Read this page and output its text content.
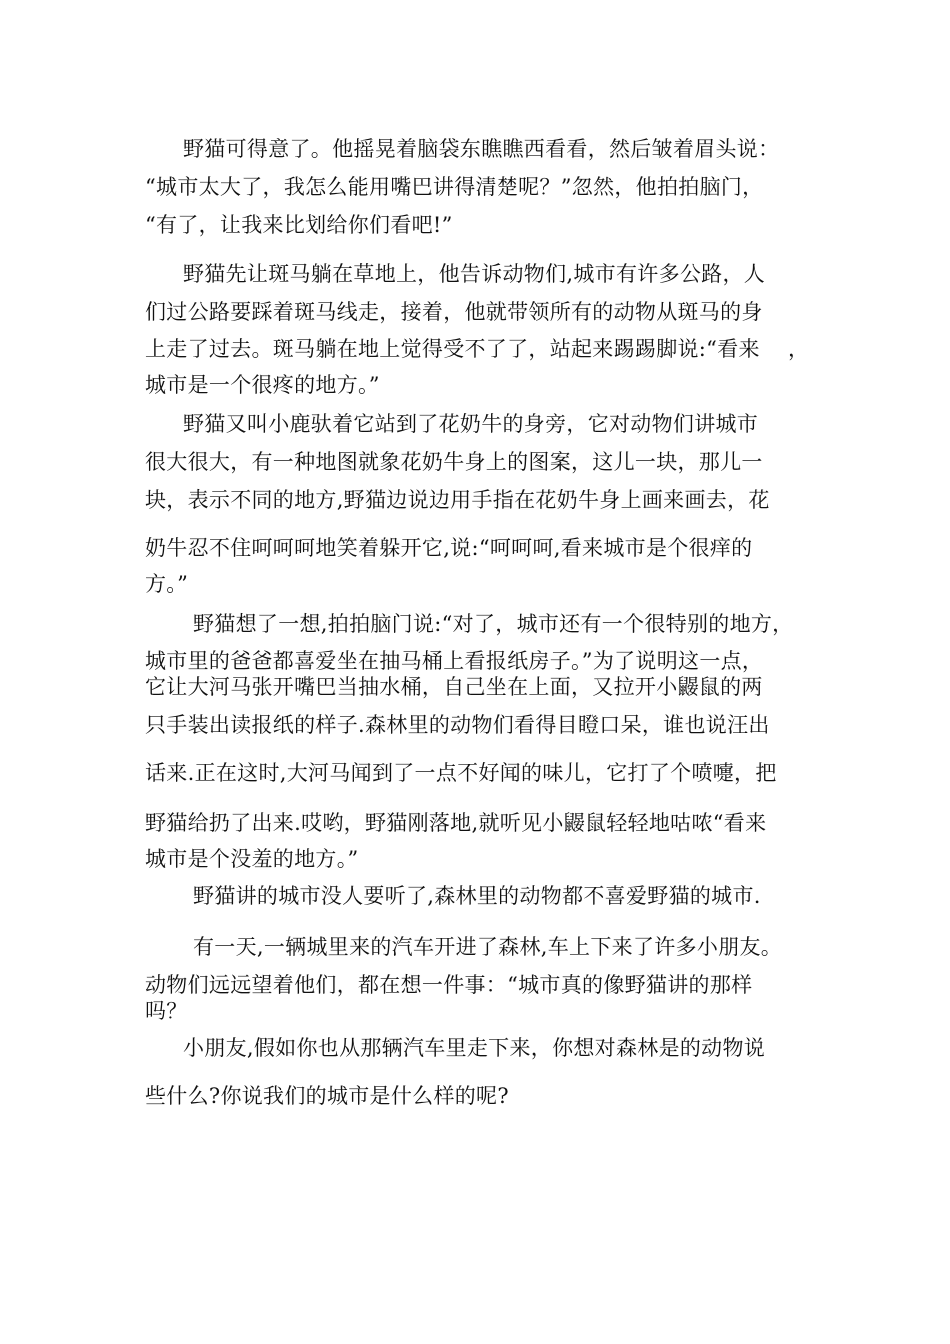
野猫可得意了。他摇晃着脑袋东瞧瞧西看看，然后皱着眉头说：
“城市太大了，我怎么能用嘴巴讲得清楚呢？”忽然，他拍拍脑门，
“有了，让我来比划给你们看吧!”
野猫先让斑马躺在草地上，他告诉动物们,城市有许多公路，人
们过公路要踩着斑马线走，接着，他就带领所有的动物从斑马的身
上走了过去。斑马躺在地上觉得受不了了，站起来踢踢脚说:“看来 ，
城市是一个很疼的地方。”
野猫又叫小鹿驮着它站到了花奶牛的身旁，它对动物们讲城市
很大很大，有一种地图就象花奶牛身上的图案，这儿一块，那儿一
块，表示不同的地方,野猫边说边用手指在花奶牛身上画来画去，花
奶牛忍不住呵呵呵地笑着躲开它,说:“呵呵呵,看来城市是个很痒的
方。”
野猫想了一想,拍拍脑门说:“对了，城市还有一个很特别的地方，
城市里的爸爸都喜爱坐在抽马桶上看报纸房子。”为了说明这一点，
它让大河马张开嘴巴当抽水桶，自己坐在上面，又拉开小鼹鼠的两
只手装出读报纸的样子.森林里的动物们看得目瞪口呆，谁也说汪出
话来.正在这时,大河马闻到了一点不好闻的味儿，它打了个喷嚏，把
野猫给扔了出来.哎哟，野猫刚落地,就听见小鼹鼠轻轻地咕哝“看来
城市是个没羞的地方。”
野猫讲的城市没人要听了,森林里的动物都不喜爱野猫的城市.
有一天,一辆城里来的汽车开进了森林,车上下来了许多小朋友。
动物们远远望着他们，都在想一件事：“城市真的像野猫讲的那样
吗？
小朋友,假如你也从那辆汽车里走下来，你想对森林是的动物说
些什么?你说我们的城市是什么样的呢?
